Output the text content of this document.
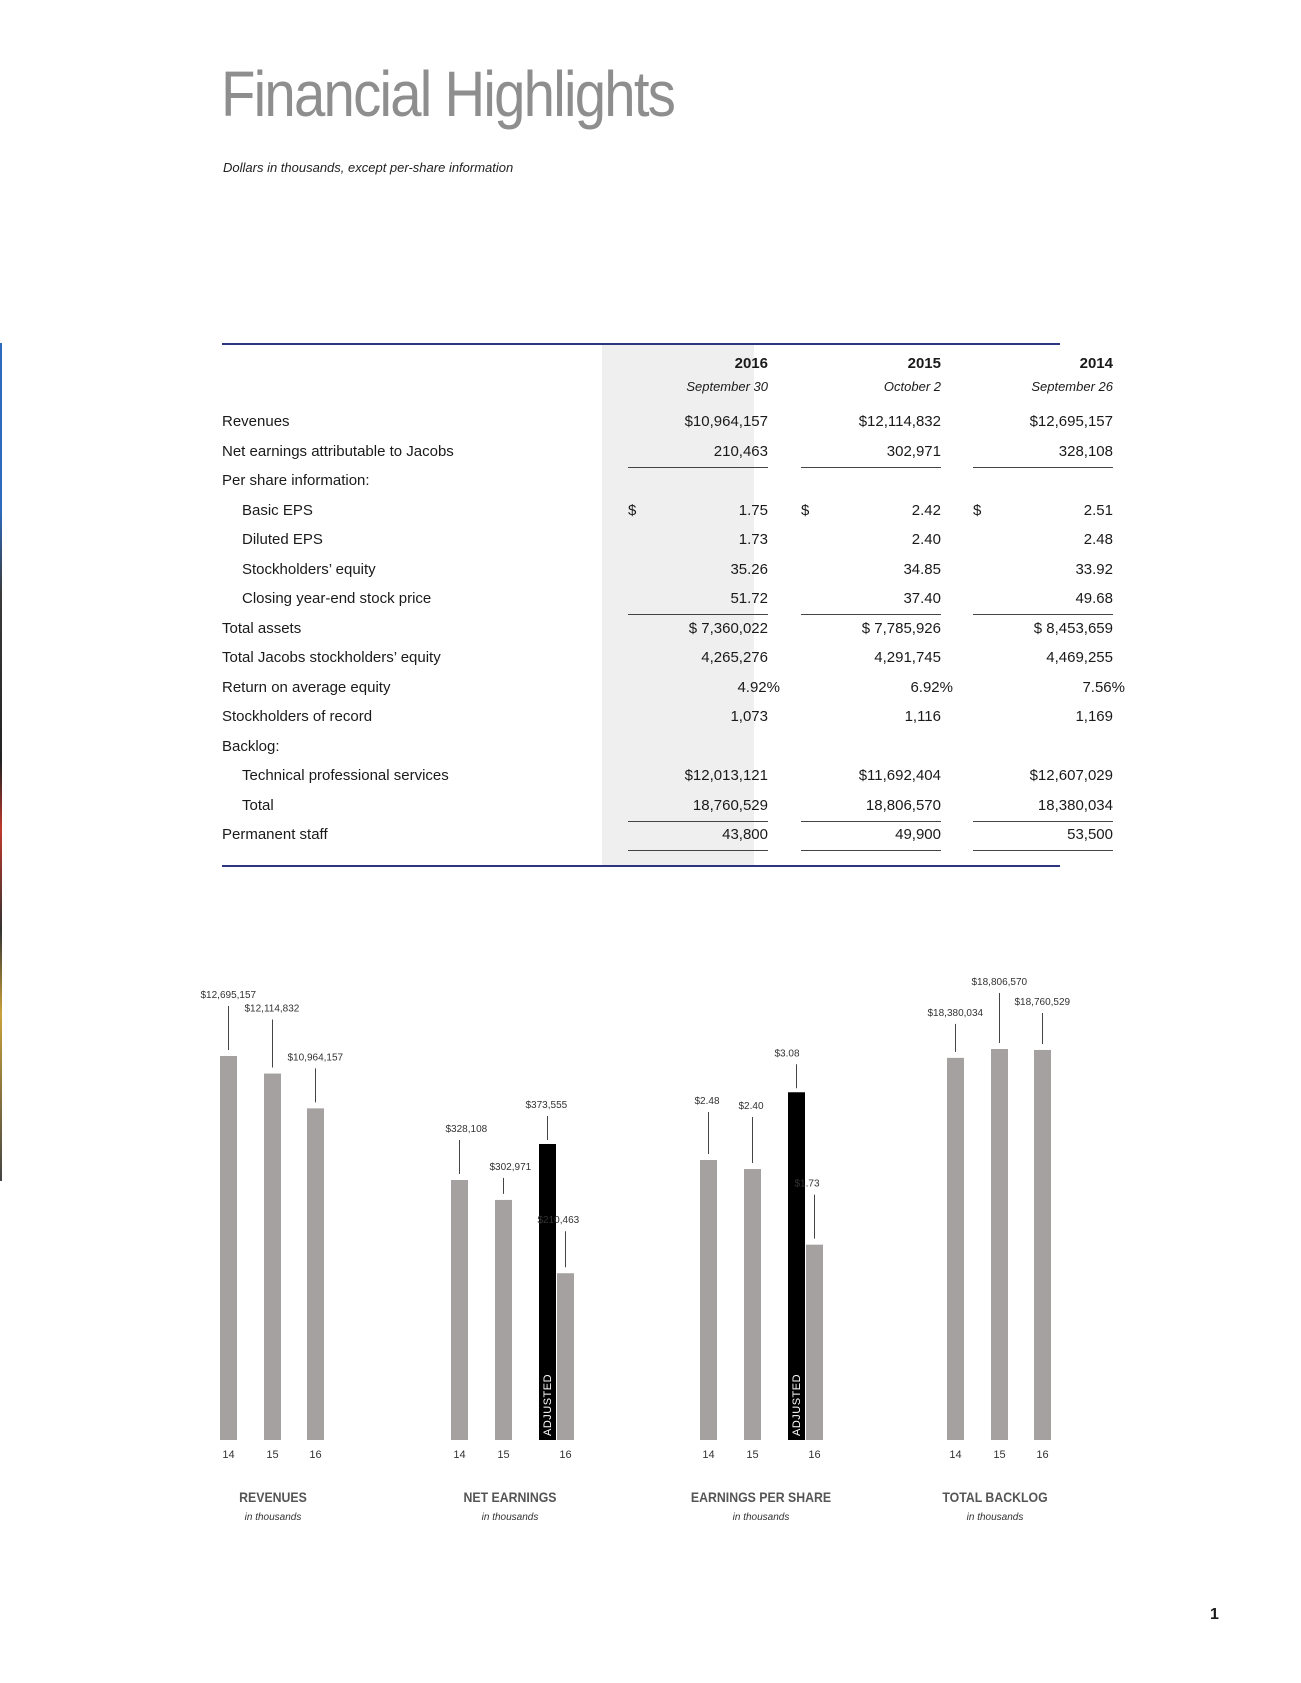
Financial Highlights
Dollars in thousands, except per-share information
2016	2015	2014
September 30	October 2	September 26
Revenues	$10,964,157	$12,114,832	$12,695,157
Net earnings attributable to Jacobs	210,463	302,971	328,108
Per share information:
Basic EPS	$	1.75 $	2.42 $	2.51
Diluted EPS	1.73	2.40	2.48
Stockholders’ equity	35.26	34.85	33.92
Closing year-end stock price	51.72	37.40	49.68
Total assets	$ 7,360,022	$ 7,785,926	$ 8,453,659
Total Jacobs stockholders’ equity	4,265,276	4,291,745	4,469,255
Return on average equity	4.92%	6.92%	7.56%
Stockholders of record	1,073	1,116	1,169
Backlog:
Technical professional services	$12,013,121	$11,692,404	$12,607,029
Total	18,760,529	18,806,570	18,380,034
Permanent staff	43,800	49,900	53,500
$12,695,157
14
$12,114,832
15
$10,964,157
16
REVENUES
in thousands
$373,555
ADJUSTED
$328,108
14
$302,971
15
$210,463
16
NET EARNINGS
in thousands
$3.08
ADJUSTED
$2.48
14
$2.40
15
$1.73
16
EARNINGS PER SHARE
in thousands
$18,380,034
14
$18,806,570
15
$18,760,529
16
TOTAL BACKLOG
in thousands
1
